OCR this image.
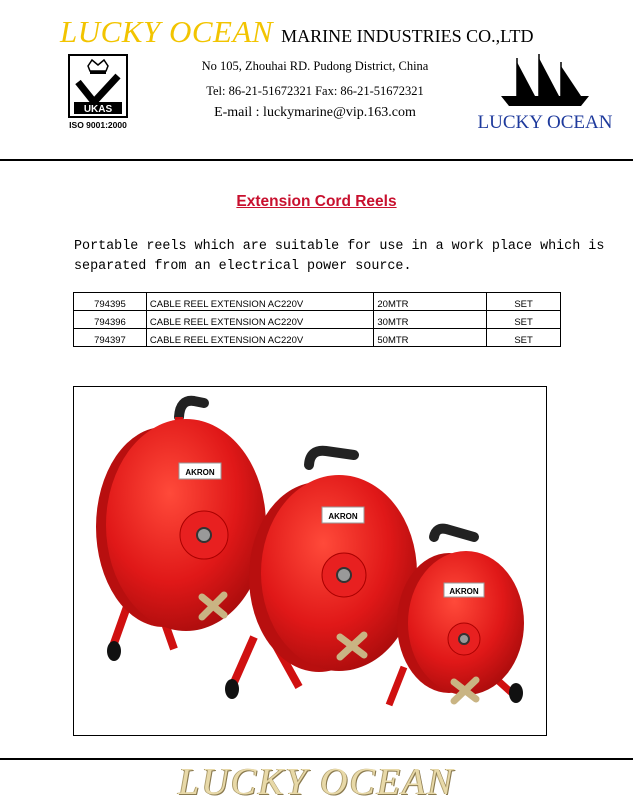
LUCKY OCEAN MARINE INDUSTRIES CO.,LTD
UKAS
ISO 9001:2000
No 105, Zhouhai RD. Pudong District, China
Tel: 86-21-51672321 Fax: 86-21-51672321
E-mail : luckymarine@vip.163.com	LUCKY OCEAN
Extension Cord Reels
Portable reels which are suitable for use in a work place which is separated from an electrical power source.
794395	CABLE REEL EXTENSION AC220V	20MTR	SET
794396	CABLE REEL EXTENSION AC220V	30MTR	SET
794397	CABLE REEL EXTENSION AC220V	50MTR	SET
AKRON
AKRON
AKRON
LUCKY OCEAN
